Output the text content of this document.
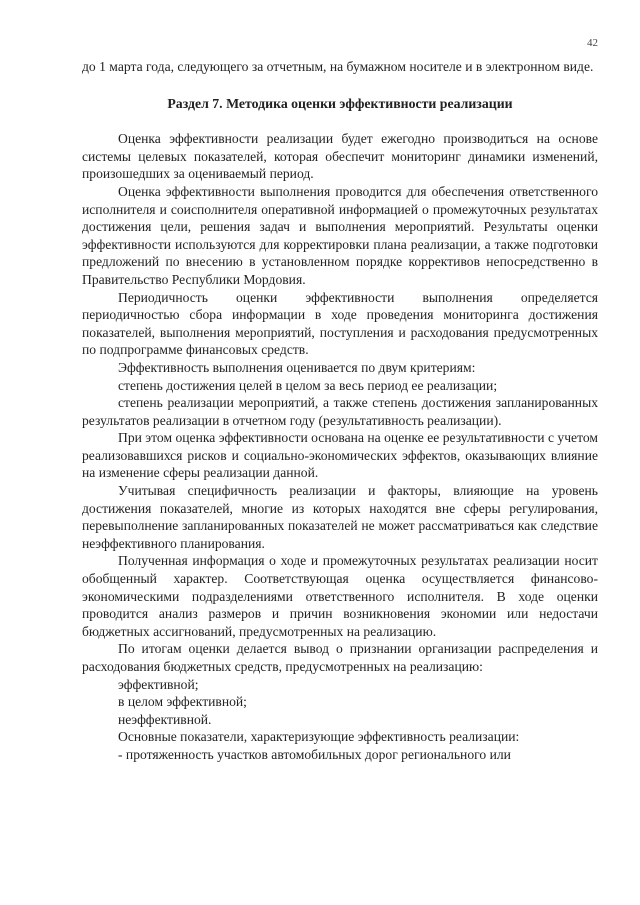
42

до 1 марта года, следующего за отчетным, на бумажном носителе и в электронном виде.

Раздел 7. Методика оценки эффективности реализации

Оценка эффективности реализации будет ежегодно производиться на основе системы целевых показателей, которая обеспечит мониторинг динамики изменений, произошедших за оцениваемый период.

Оценка эффективности выполнения проводится для обеспечения ответственного исполнителя и соисполнителя оперативной информацией о промежуточных результатах достижения цели, решения задач и выполнения мероприятий. Результаты оценки эффективности используются для корректировки плана реализации, а также подготовки предложений по внесению в установленном порядке коррективов непосредственно в Правительство Республики Мордовия.

Периодичность оценки эффективности выполнения определяется периодичностью сбора информации в ходе проведения мониторинга достижения показателей, выполнения мероприятий, поступления и расходования предусмотренных по подпрограмме финансовых средств.

Эффективность выполнения оценивается по двум критериям:

степень достижения целей в целом за весь период ее реализации;

степень реализации мероприятий, а также степень достижения запланированных результатов реализации в отчетном году (результативность реализации).

При этом оценка эффективности основана на оценке ее результативности с учетом реализовавшихся рисков и социально-экономических эффектов, оказывающих влияние на изменение сферы реализации данной.

Учитывая специфичность реализации и факторы, влияющие на уровень достижения показателей, многие из которых находятся вне сферы регулирования, перевыполнение запланированных показателей не может рассматриваться как следствие неэффективного планирования.

Полученная информация о ходе и промежуточных результатах реализации носит обобщенный характер. Соответствующая оценка осуществляется финансово-экономическими подразделениями ответственного исполнителя. В ходе оценки проводится анализ размеров и причин возникновения экономии или недостачи бюджетных ассигнований, предусмотренных на реализацию.

По итогам оценки делается вывод о признании организации распределения и расходования бюджетных средств, предусмотренных на реализацию:

эффективной;

в целом эффективной;

неэффективной.

Основные показатели, характеризующие эффективность реализации:

- протяженность участков автомобильных дорог регионального или
